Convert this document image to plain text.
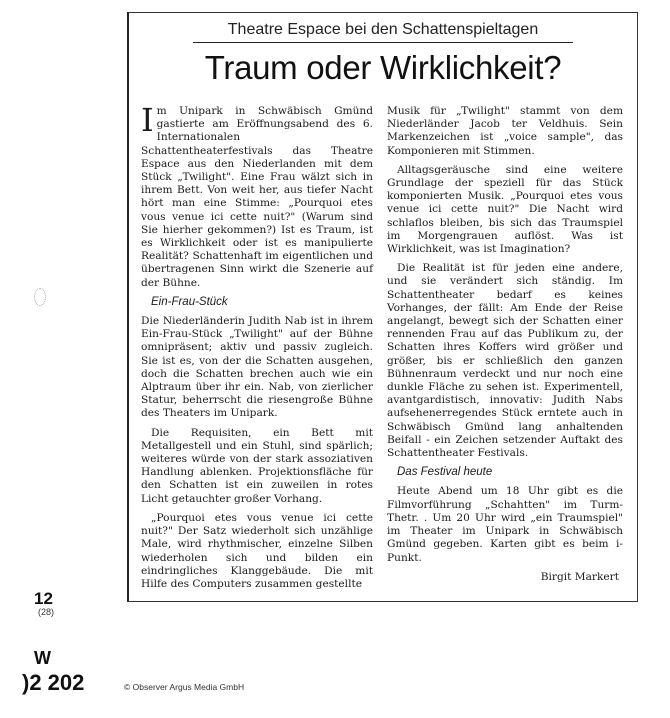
Theatre Espace bei den Schattenspieltagen
Traum oder Wirklichkeit?

Im Unipark in Schwäbisch Gmünd gastierte am Eröffnungsabend des 6. Internationalen Schattentheaterfestivals das Theatre Espace aus den Niederlanden mit dem Stück „Twilight". Eine Frau wälzt sich in ihrem Bett. Von weit her, aus tiefer Nacht hört man eine Stimme: „Pourquoi etes vous venue ici cette nuit?" (Warum sind Sie hierher gekommen?) Ist es Traum, ist es Wirklichkeit oder ist es manipulierte Realität? Schattenhaft im eigentlichen und übertragenen Sinn wirkt die Szenerie auf der Bühne.

Ein-Frau-Stück

Die Niederländerin Judith Nab ist in ihrem Ein-Frau-Stück „Twilight" auf der Bühne omnipräsent; aktiv und passiv zugleich. Sie ist es, von der die Schatten ausgehen, doch die Schatten brechen auch wie ein Alptraum über ihr ein. Nab, von zierlicher Statur, beherrscht die riesengroße Bühne des Theaters im Unipark.

Die Requisiten, ein Bett mit Metallgestell und ein Stuhl, sind spärlich; weiteres würde von der stark assoziativen Handlung ablenken. Projektionsfläche für den Schatten ist ein zuweilen in rotes Licht getauchter großer Vorhang.

„Pourquoi etes vous venue ici cette nuit?" Der Satz wiederholt sich unzählige Male, wird rhythmischer, einzelne Silben wiederholen sich und bilden ein eindringliches Klanggebäude. Die mit Hilfe des Computers zusammen gestellte

Musik für „Twilight" stammt von dem Niederländer Jacob ter Veldhuis. Sein Markenzeichen ist „voice sample", das Komponieren mit Stimmen.

Alltagsgeräusche sind eine weitere Grundlage der speziell für das Stück komponierten Musik. „Pourquoi etes vous venue ici cette nuit?" Die Nacht wird schlaflos bleiben, bis sich das Traumspiel im Morgengrauen auflöst. Was ist Wirklichkeit, was ist Imagination?

Die Realität ist für jeden eine andere, und sie verändert sich ständig. Im Schattentheater bedarf es keines Vorhanges, der fällt: Am Ende der Reise angelangt, bewegt sich der Schatten einer rennenden Frau auf das Publikum zu, der Schatten ihres Koffers wird größer und größer, bis er schließlich den ganzen Bühnenraum verdeckt und nur noch eine dunkle Fläche zu sehen ist. Experimentell, avantgardistisch, innovativ: Judith Nabs aufsehenerregendes Stück erntete auch in Schwäbisch Gmünd lang anhaltenden Beifall - ein Zeichen setzender Auftakt des Schattentheater Festivals.

Das Festival heute

Heute Abend um 18 Uhr gibt es die Filmvorführung „Schahtten" im Turm-Thetr. . Um 20 Uhr wird „ein Traumspiel" im Theater im Unipark in Schwäbisch Gmünd gegeben. Karten gibt es beim i-Punkt.

Birgit Markert

12
(28)
W
)2 202	© Observer Argus Media GmbH
